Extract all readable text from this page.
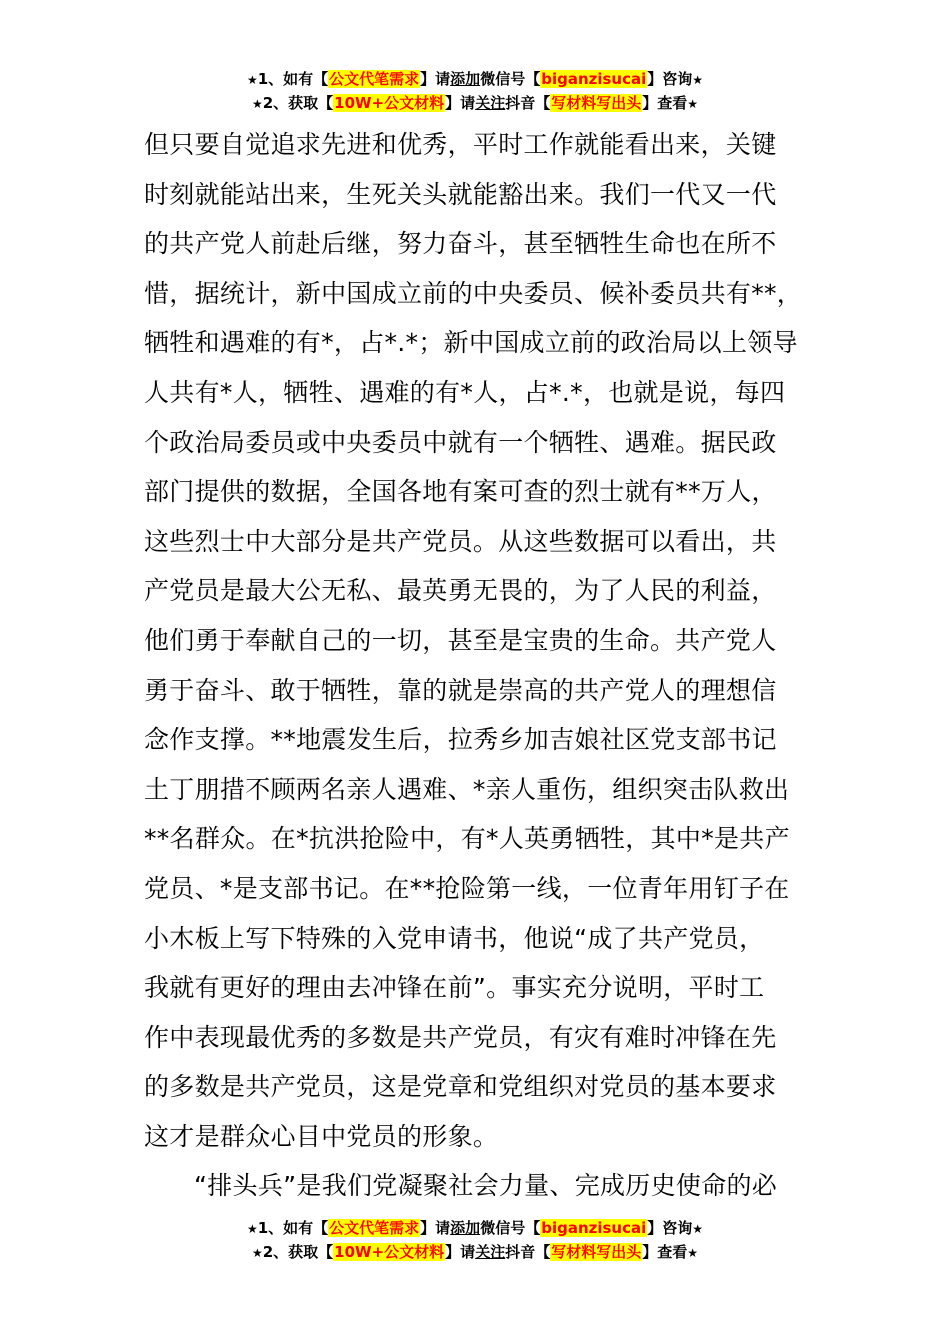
★1、如有【公文代笔需求】请添加微信号【biganzisucai】咨询★
★2、获取【10W+公文材料】请关注抖音【写材料写出头】查看★
但只要自觉追求先进和优秀，平时工作就能看出来，关键
时刻就能站出来，生死关头就能豁出来。我们一代又一代
的共产党人前赴后继，努力奋斗，甚至牺牲生命也在所不
惜，据统计，新中国成立前的中央委员、候补委员共有**，
牺牲和遇难的有*，占*.*；新中国成立前的政治局以上领导
人共有*人，牺牲、遇难的有*人，占*.*，也就是说，每四
个政治局委员或中央委员中就有一个牺牲、遇难。据民政
部门提供的数据，全国各地有案可查的烈士就有**万人，
这些烈士中大部分是共产党员。从这些数据可以看出，共
产党员是最大公无私、最英勇无畏的，为了人民的利益，
他们勇于奉献自己的一切，甚至是宝贵的生命。共产党人
勇于奋斗、敢于牺牲，靠的就是崇高的共产党人的理想信
念作支撑。**地震发生后，拉秀乡加吉娘社区党支部书记
土丁朋措不顾两名亲人遇难、*亲人重伤，组织突击队救出
**名群众。在*抗洪抢险中，有*人英勇牺牲，其中*是共产
党员、*是支部书记。在**抢险第一线，一位青年用钉子在
小木板上写下特殊的入党申请书，他说“成了共产党员，
我就有更好的理由去冲锋在前”。事实充分说明，平时工
作中表现最优秀的多数是共产党员，有灾有难时冲锋在先
的多数是共产党员，这是党章和党组织对党员的基本要求
这才是群众心目中党员的形象。
“排头兵”是我们党凝聚社会力量、完成历史使命的必
★1、如有【公文代笔需求】请添加微信号【biganzisucai】咨询★
★2、获取【10W+公文材料】请关注抖音【写材料写出头】查看★
